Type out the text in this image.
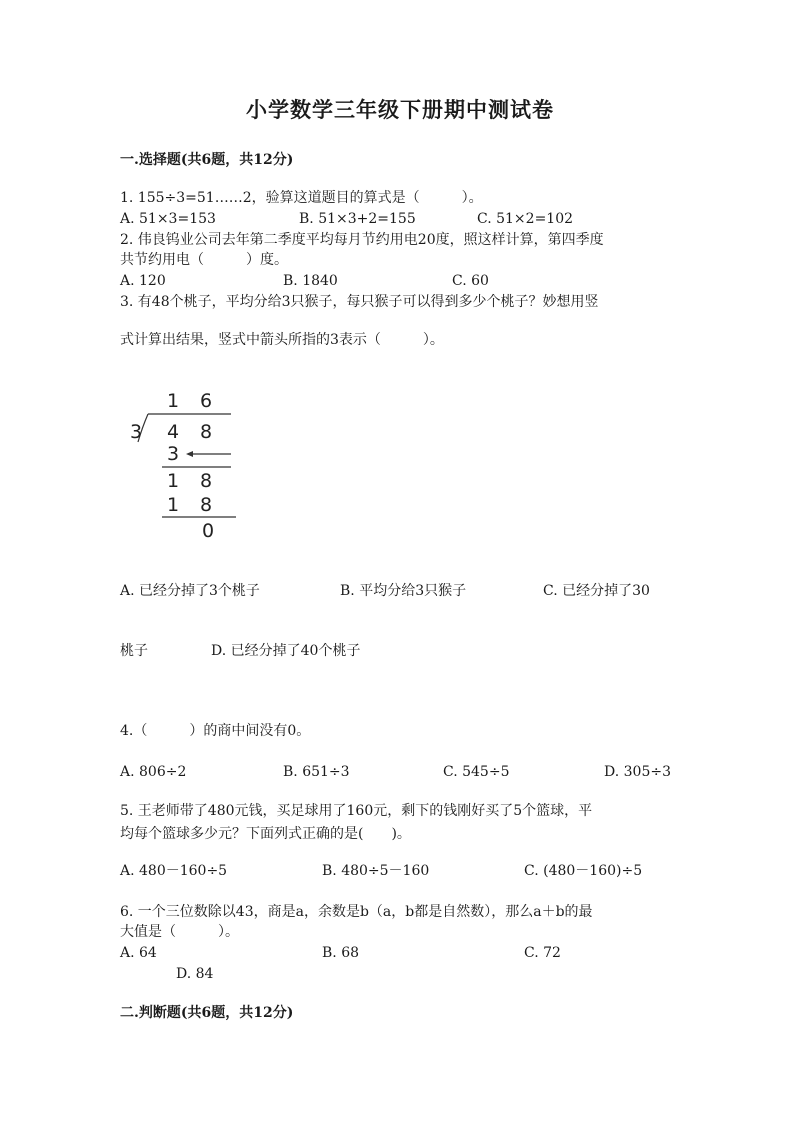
小学数学三年级下册期中测试卷
一.选择题(共6题，共12分)
1. 155÷3=51……2，验算这道题目的算式是（　　　）。
A. 51×3=153	B. 51×3+2=155	C. 51×2=102
2. 伟良钨业公司去年第二季度平均每月节约用电20度，照这样计算，第四季度
共节约用电（　　　）度。
A. 120	B. 1840	C. 60
3. 有48个桃子，平均分给3只猴子，每只猴子可以得到多少个桃子？妙想用竖
式计算出结果，竖式中箭头所指的3表示（　　　）。
1 6
3 4 8
3
1 8
1 8
0
A. 已经分掉了3个桃子	B. 平均分给3只猴子	C. 已经分掉了30
桃子	D. 已经分掉了40个桃子
4.（　　　）的商中间没有0。
A. 806÷2	B. 651÷3	C. 545÷5	D. 305÷3
5. 王老师带了480元钱，买足球用了160元，剩下的钱刚好买了5个篮球，平
均每个篮球多少元？下面列式正确的是(　　)。
A. 480－160÷5	B. 480÷5－160	C. (480－160)÷5
6. 一个三位数除以43，商是a，余数是b（a，b都是自然数），那么a＋b的最
大值是（　　　）。
A. 64	B. 68	C. 72
D. 84
二.判断题(共6题，共12分)
